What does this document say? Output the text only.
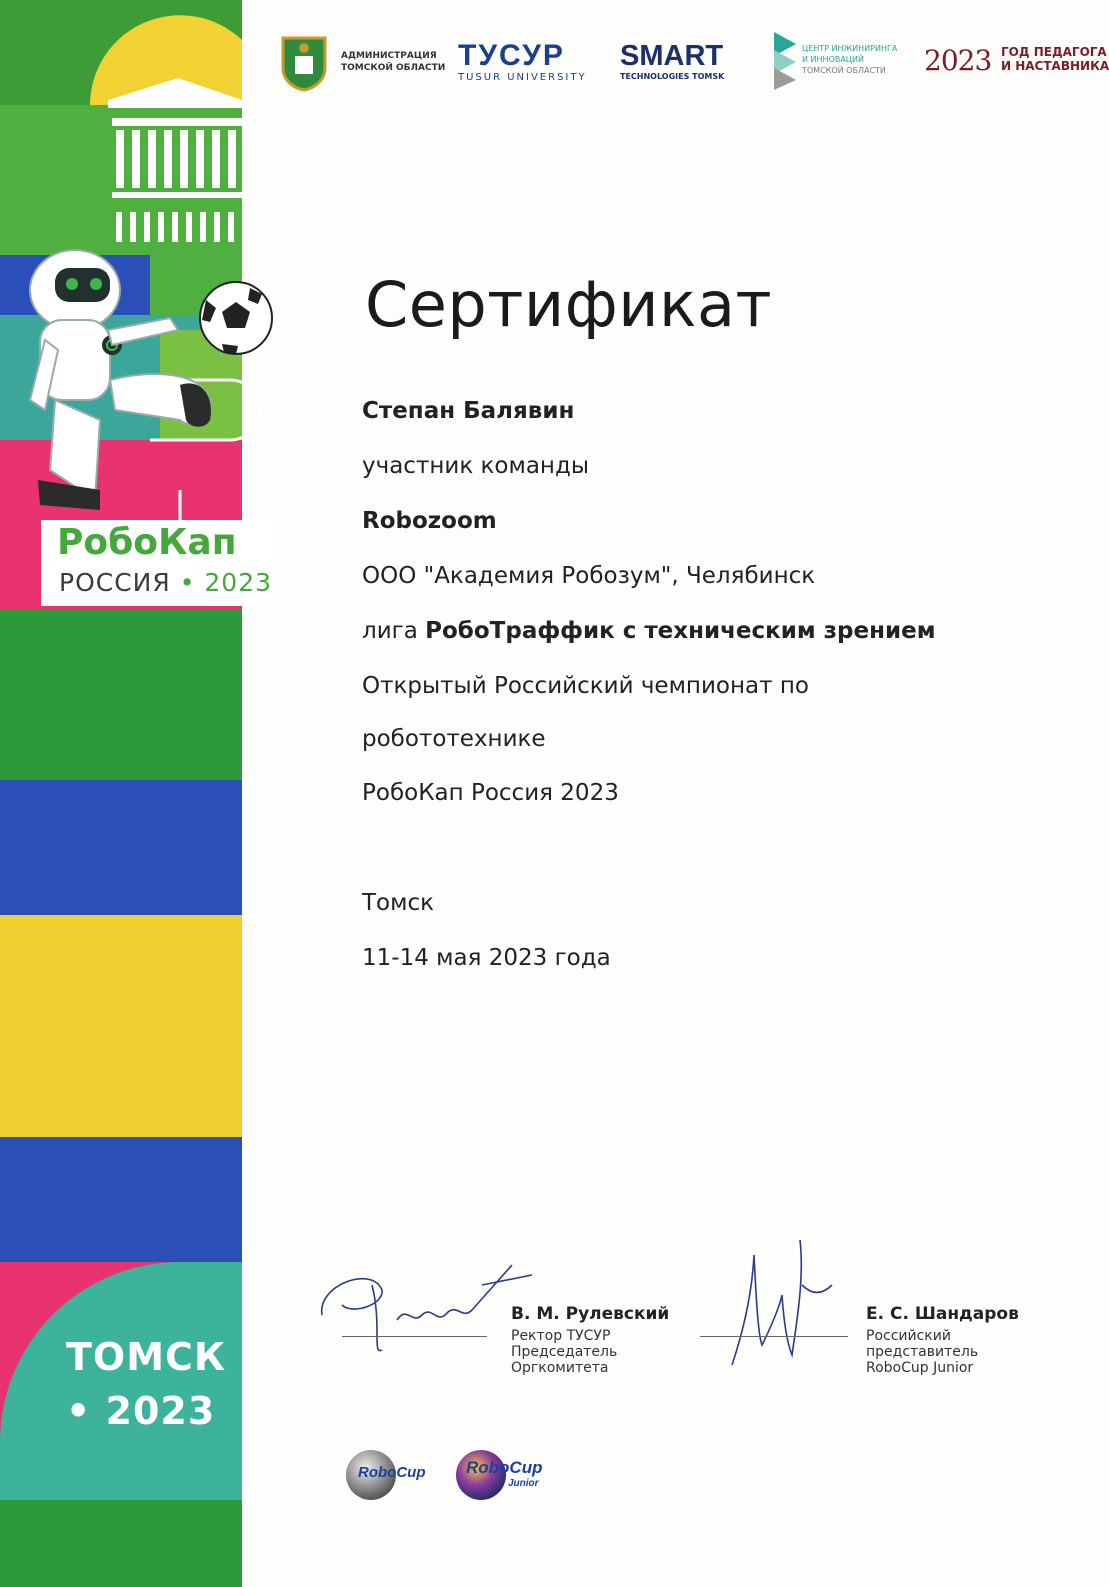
РобоКап
РОССИЯ • 2023
ТОМСК
• 2023
АДМИНИСТРАЦИЯ
ТОМСКОЙ ОБЛАСТИ ТУСУР
TUSUR UNIVERSITY
SMART
TECHNOLOGIES TOMSK
ЦЕНТР ИНЖИНИРИНГА
И ИННОВАЦИЙ
ТОМСКОЙ ОБЛАСТИ	2023 ГОД ПЕДАГОГА
И НАСТАВНИКА
Сертификат
Степан Балявин
участник команды
Robozoom
ООО "Академия Робозум", Челябинск
лига РобоТраффик с техническим зрением
Открытый Российский чемпионат по
робототехнике
РобоКап Россия 2023
Томск
11-14 мая 2023 года
В. М. Рулевский
Ректор ТУСУР
Председатель
Оргкомитета
Е. С. Шандаров
Российский
представитель
RoboCup Junior
RoboCup RoboCup
Junior
